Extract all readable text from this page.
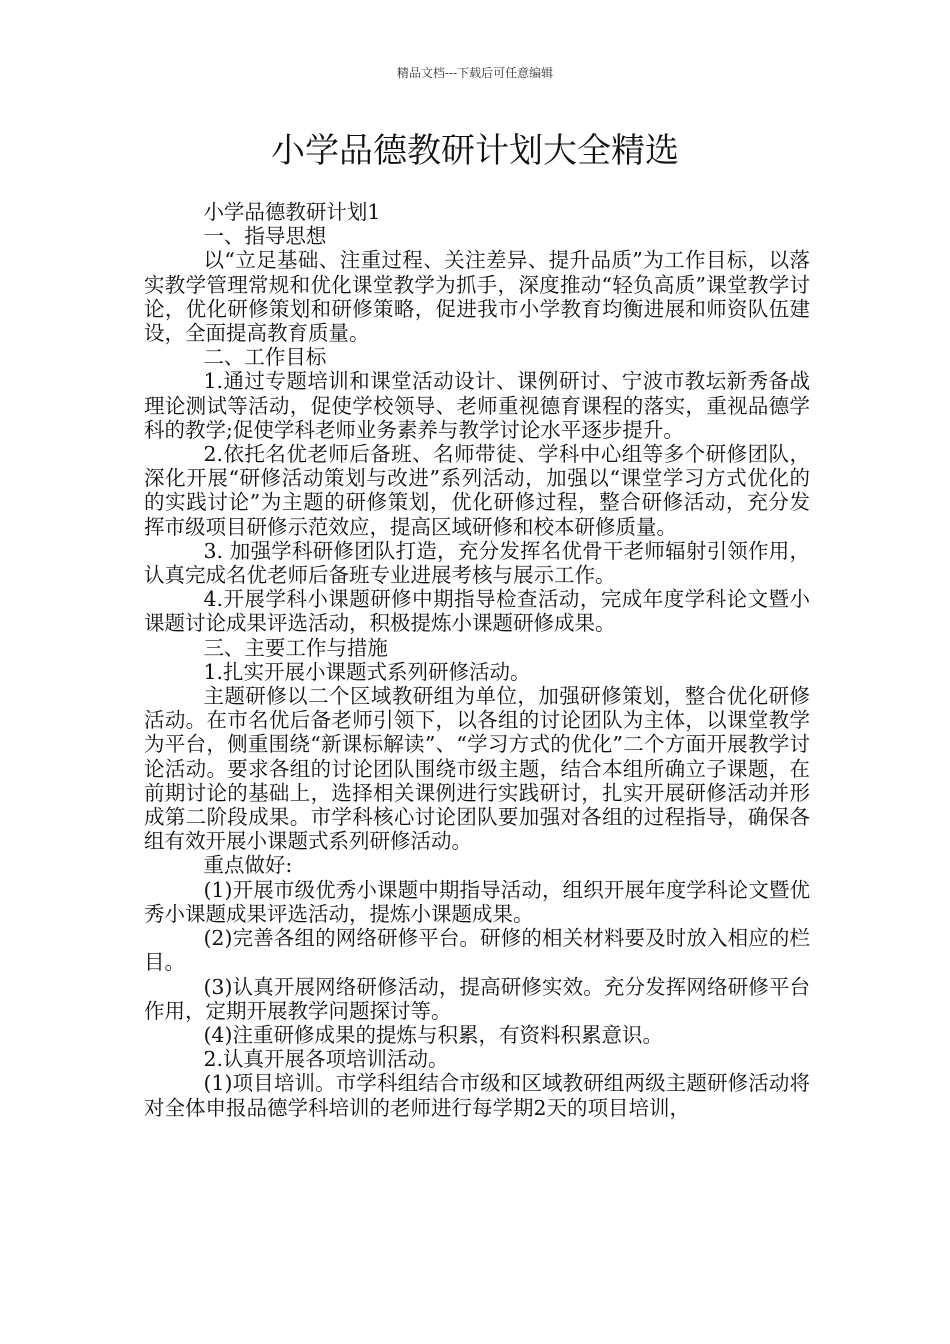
精品文档---下载后可任意编辑
小学品德教研计划大全精选

小学品德教研计划1

一、指导思想

以“立足基础、注重过程、关注差异、提升品质”为工作目标，以落实教学管理常规和优化课堂教学为抓手，深度推动“轻负高质”课堂教学讨论，优化研修策划和研修策略，促进我市小学教育均衡进展和师资队伍建设，全面提高教育质量。

二、工作目标

1.通过专题培训和课堂活动设计、课例研讨、宁波市教坛新秀备战理论测试等活动，促使学校领导、老师重视德育课程的落实，重视品德学科的教学;促使学科老师业务素养与教学讨论水平逐步提升。

2.依托名优老师后备班、名师带徒、学科中心组等多个研修团队，深化开展“研修活动策划与改进”系列活动，加强以“课堂学习方式优化的的实践讨论”为主题的研修策划，优化研修过程，整合研修活动，充分发挥市级项目研修示范效应，提高区域研修和校本研修质量。

3. 加强学科研修团队打造，充分发挥名优骨干老师辐射引领作用，认真完成名优老师后备班专业进展考核与展示工作。

4.开展学科小课题研修中期指导检查活动，完成年度学科论文暨小课题讨论成果评选活动，积极提炼小课题研修成果。

三、主要工作与措施

1.扎实开展小课题式系列研修活动。

主题研修以二个区域教研组为单位，加强研修策划，整合优化研修活动。在市名优后备老师引领下，以各组的讨论团队为主体，以课堂教学为平台，侧重围绕“新课标解读”、“学习方式的优化”二个方面开展教学讨论活动。要求各组的讨论团队围绕市级主题，结合本组所确立子课题，在前期讨论的基础上，选择相关课例进行实践研讨，扎实开展研修活动并形成第二阶段成果。市学科核心讨论团队要加强对各组的过程指导，确保各组有效开展小课题式系列研修活动。

重点做好:

(1)开展市级优秀小课题中期指导活动，组织开展年度学科论文暨优秀小课题成果评选活动，提炼小课题成果。

(2)完善各组的网络研修平台。研修的相关材料要及时放入相应的栏目。

(3)认真开展网络研修活动，提高研修实效。充分发挥网络研修平台作用，定期开展教学问题探讨等。

(4)注重研修成果的提炼与积累，有资料积累意识。

2.认真开展各项培训活动。

(1)项目培训。市学科组结合市级和区域教研组两级主题研修活动将对全体申报品德学科培训的老师进行每学期2天的项目培训，
